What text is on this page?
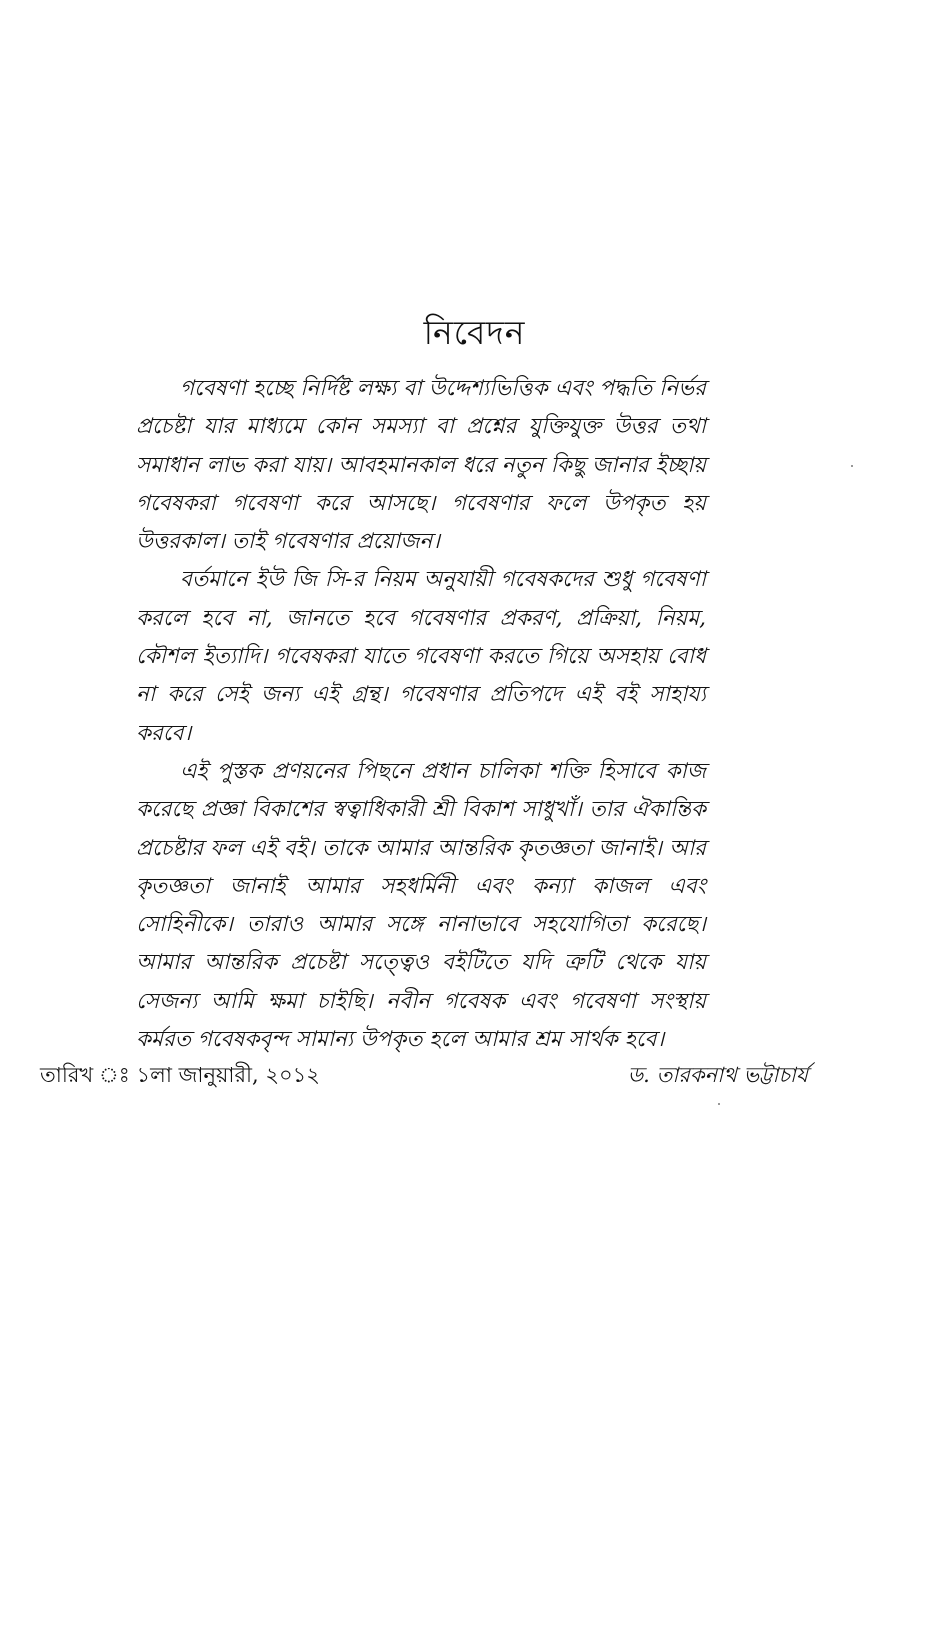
নিবেদন

গবেষণা হচ্ছে নির্দিষ্ট লক্ষ্য বা উদ্দেশ্যভিত্তিক এবং পদ্ধতি নির্ভর প্রচেষ্টা যার মাধ্যমে কোন সমস্যা বা প্রশ্নের যুক্তিযুক্ত উত্তর তথা সমাধান লাভ করা যায়। আবহমানকাল ধরে নতুন কিছু জানার ইচ্ছায় গবেষকরা গবেষণা করে আসছে। গবেষণার ফলে উপকৃত হয় উত্তরকাল। তাই গবেষণার প্রয়োজন।

বর্তমানে ইউ জি সি-র নিয়ম অনুযায়ী গবেষকদের শুধু গবেষণা করলে হবে না, জানতে হবে গবেষণার প্রকরণ, প্রক্রিয়া, নিয়ম, কৌশল ইত্যাদি। গবেষকরা যাতে গবেষণা করতে গিয়ে অসহায় বোধ না করে সেই জন্য এই গ্রন্থ। গবেষণার প্রতিপদে এই বই সাহায্য করবে।

এই পুস্তক প্রণয়নের পিছনে প্রধান চালিকা শক্তি হিসাবে কাজ করেছে প্রজ্ঞা বিকাশের স্বত্বাধিকারী শ্রী বিকাশ সাধুখাঁ। তার ঐকান্তিক প্রচেষ্টার ফল এই বই। তাকে আমার আন্তরিক কৃতজ্ঞতা জানাই। আর কৃতজ্ঞতা জানাই আমার সহধর্মিনী এবং কন্যা কাজল এবং সোহিনীকে। তারাও আমার সঙ্গে নানাভাবে সহযোগিতা করেছে। আমার আন্তরিক প্রচেষ্টা সত্ত্বেও বইটিতে যদি ত্রুটি থেকে যায় সেজন্য আমি ক্ষমা চাইছি। নবীন গবেষক এবং গবেষণা সংস্থায় কর্মরত গবেষকবৃন্দ সামান্য উপকৃত হলে আমার শ্রম সার্থক হবে।

তারিখ ঃ ১লা জানুয়ারী, ২০১২	ড. তারকনাথ ভট্টাচার্য
